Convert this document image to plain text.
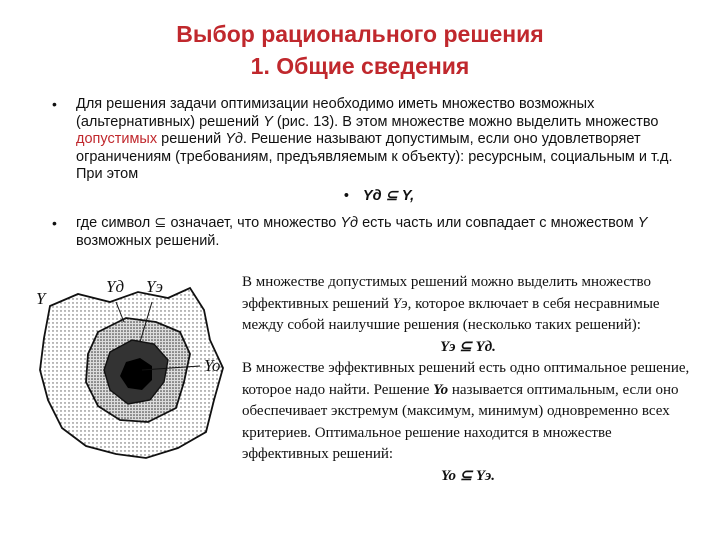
Выбор рационального решения
1. Общие сведения

• Для решения задачи оптимизации необходимо иметь множество возможных (альтернативных) решений Y (рис. 13). В этом множестве можно выделить множество допустимых решений Yд. Решение называют допустимым, если оно удовлетворяет ограничениям (требованиям, предъявляемым к объекту): ресурсным, социальным и т.д. При этом

• Yд ⊆ Y,

• где символ ⊆ означает, что множество Yд есть часть или совпадает с множеством Y возможных решений.

Y
Yд Yэ
Yo

В множестве допустимых решений можно выделить множество эффективных решений Yэ, которое включает в себя несравнимые между собой наилучшие решения (несколько таких решений):

Yэ ⊆ Yд.

В множестве эффективных решений есть одно оптимальное решение, которое надо найти. Решение Yo называется оптимальным, если оно обеспечивает экстремум (максимум, минимум) одновременно всех критериев. Оптимальное решение находится в множестве эффективных решений:

Yo ⊆ Yэ.
